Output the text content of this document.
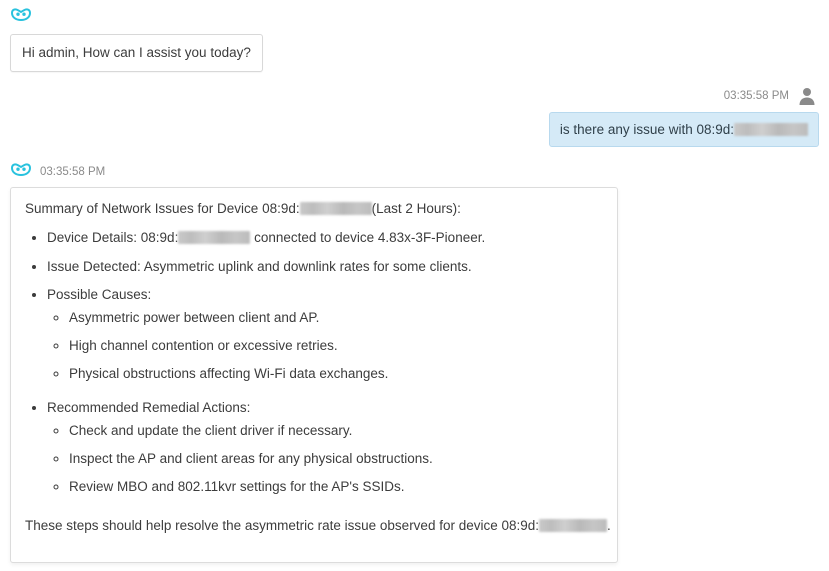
Hi admin, How can I assist you today?
03:35:58 PM
is there any issue with 08:9d:
03:35:58 PM

Summary of Network Issues for Device 08:9d:	(Last 2 Hours):

• Device Details: 08:9d:	connected to device 4.83x-3F-Pioneer.
• Issue Detected: Asymmetric uplink and downlink rates for some clients.
• Possible Causes:
◦ Asymmetric power between client and AP.
◦ High channel contention or excessive retries.
◦ Physical obstructions affecting Wi-Fi data exchanges.
• Recommended Remedial Actions:
◦ Check and update the client driver if necessary.
◦ Inspect the AP and client areas for any physical obstructions.
◦ Review MBO and 802.11kvr settings for the AP's SSIDs.

These steps should help resolve the asymmetric rate issue observed for device 08:9d:	.
